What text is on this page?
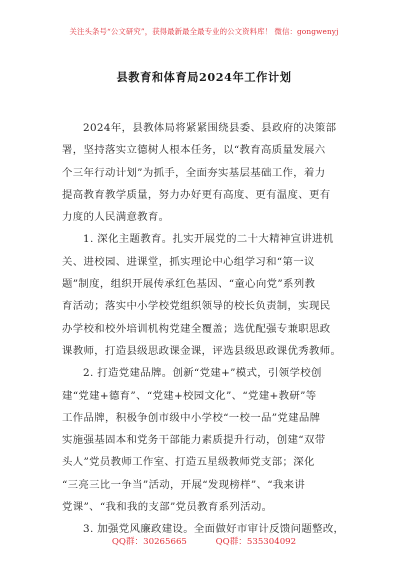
关注头条号“公文研究”，获得最新最全最专业的公文资料库！ 微信：gongwenyj
县教育和体育局2024年工作计划
2024年，县教体局将紧紧围绕县委、县政府的决策部
署，坚持落实立德树人根本任务，以“教育高质量发展六
个三年行动计划”为抓手，全面夯实基层基础工作，着力
提高教育教学质量，努力办好更有高度、更有温度、更有
力度的人民满意教育。
1. 深化主题教育。扎实开展党的二十大精神宣讲进机
关、进校园、进课堂，抓实理论中心组学习和“第一议
题”制度，组织开展传承红色基因、“童心向党”系列教
育活动；落实中小学校党组织领导的校长负责制，实现民
办学校和校外培训机构党建全覆盖；选优配强专兼职思政
课教师，打造县级思政课金课，评选县级思政课优秀教师。
2. 打造党建品牌。创新“党建+”模式，引领学校创
建“党建+德育”、“党建+校园文化”、“党建+教研”等
工作品牌，积极争创市级中小学校“一校一品”党建品牌
实施强基固本和党务干部能力素质提升行动，创建“双带
头人”党员教师工作室、打造五星级教师党支部；深化
“三亮三比一争当”活动，开展“发现榜样”、“我来讲
党课”、“我和我的支部”党员教育系列活动。
3. 加强党风廉政建设。全面做好市审计反馈问题整改，
QQ群：30265665	QQ群：535304092
